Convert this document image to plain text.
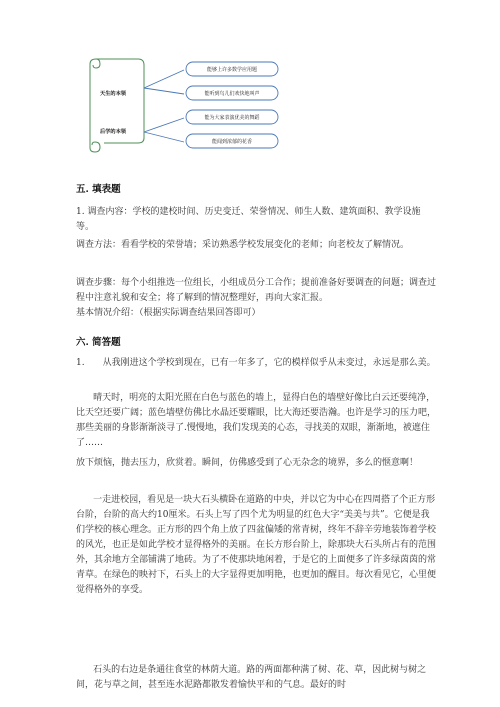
天生的本领
后学的本领
能够上许多数学应用题
能听到鸟儿们欢快地叫声
能为大家表演优美的舞蹈
能闻到浓郁的花香
五. 填表题

1. 调查内容：学校的建校时间、历史变迁、荣誉情况、师生人数、建筑面积、教学设施等。

调查方法：看看学校的荣誉墙；采访熟悉学校发展变化的老师；向老校友了解情况。

调查步骤：每个小组推选一位组长，小组成员分工合作；提前准备好要调查的问题；调查过程中注意礼貌和安全；将了解到的情况整理好，再向大家汇报。

基本情况介绍：（根据实际调查结果回答即可）

六. 简答题

1.　　从我刚进这个学校到现在，已有一年多了，它的模样似乎从未变过，永远是那么美。

晴天时，明亮的太阳光照在白色与蓝色的墙上，显得白色的墙壁好像比白云还要纯净，比天空还要广阔；蓝色墙壁仿佛比水晶还要耀眼，比大海还要浩瀚。也许是学习的压力吧，那些美丽的身影渐渐淡寻了.慢慢地，我们发现美的心态，寻找美的双眼，渐渐地，被遮住了……

放下烦恼，抛去压力，欣赏着。瞬间，仿佛感受到了心无杂念的境界，多么的惬意啊！

一走进校园，看见是一块大石头横卧在道路的中央，并以它为中心在四周搭了个正方形台阶，台阶的高大约10厘米。石头上写了四个尤为明显的红色大字“美美与共”。它便是我们学校的核心理念。正方形的四个角上放了四盆偏矮的常青树，终年不辞辛劳地装饰着学校的风光，也正是如此学校才显得格外的美丽。在长方形台阶上，除那块大石头所占有的范围外，其余地方全部铺满了地砖。为了不使那块地闲着，于是它的上面便多了许多绿茵茵的常青草。在绿色的映衬下，石头上的大字显得更加明艳，也更加的醒目。每次看见它，心里便觉得格外的享受。

石头的右边是条通往食堂的林荫大道。路的两面都种满了树、花、草，因此树与树之间，花与草之间，甚至连水泥路都散发着愉快平和的气息。最好的时
